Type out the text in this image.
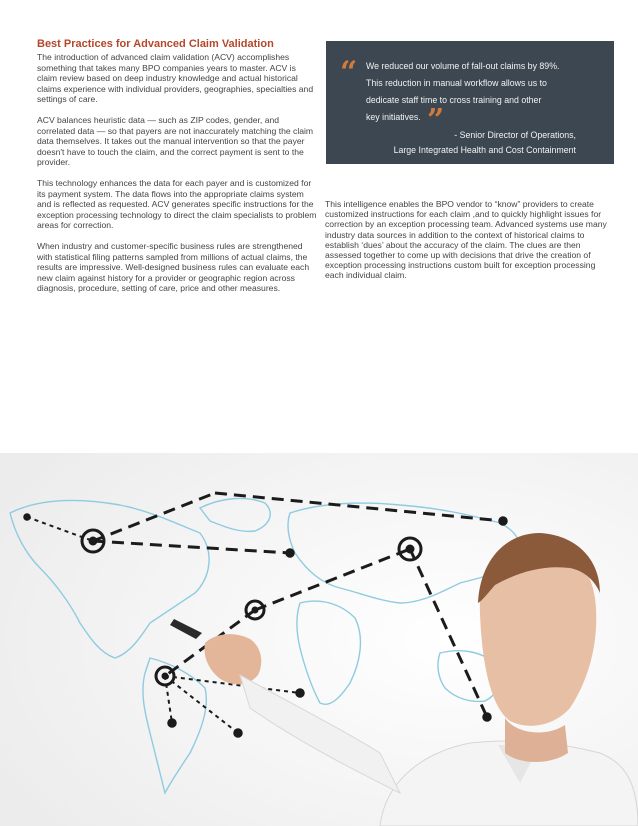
Best Practices for Advanced Claim Validation

The introduction of advanced claim validation (ACV) accomplishes something that takes many BPO companies years to master. ACV is claim review based on deep industry knowledge and actual historical claims experience with individual providers, geographies, specialties and settings of care.

ACV balances heuristic data — such as ZIP codes, gender, and correlated data — so that payers are not inaccurately matching the claim data themselves. It takes out the manual intervention so that the payer doesn't have to touch the claim, and the correct payment is sent to the provider.

This technology enhances the data for each payer and is customized for its payment system. The data flows into the appropriate claims system and is reflected as requested. ACV generates specific instructions for the exception processing technology to direct the claim specialists to problem areas for correction.

When industry and customer-specific business rules are strengthened with statistical filing patterns sampled from millions of actual claims, the results are impressive. Well-designed business rules can evaluate each new claim against history for a provider or geographic region across diagnosis, procedure, setting of care, price and other measures.

“
”
We reduced our volume of fall-out claims by 89%.
This reduction in manual workflow allows us to
dedicate staff time to cross training and other
key initiatives.
- Senior Director of Operations,
Large Integrated Health and Cost Containment
This intelligence enables the BPO vendor to “know” providers to create customized instructions for each claim ,and to quickly highlight issues for correction by an exception processing team. Advanced systems use many industry data sources in addition to the context of historical claims to establish ‘dues’ about the accuracy of the claim. The clues are then assessed together to come up with decisions that drive the creation of exception processing instructions custom built for exception processing each individual claim.
